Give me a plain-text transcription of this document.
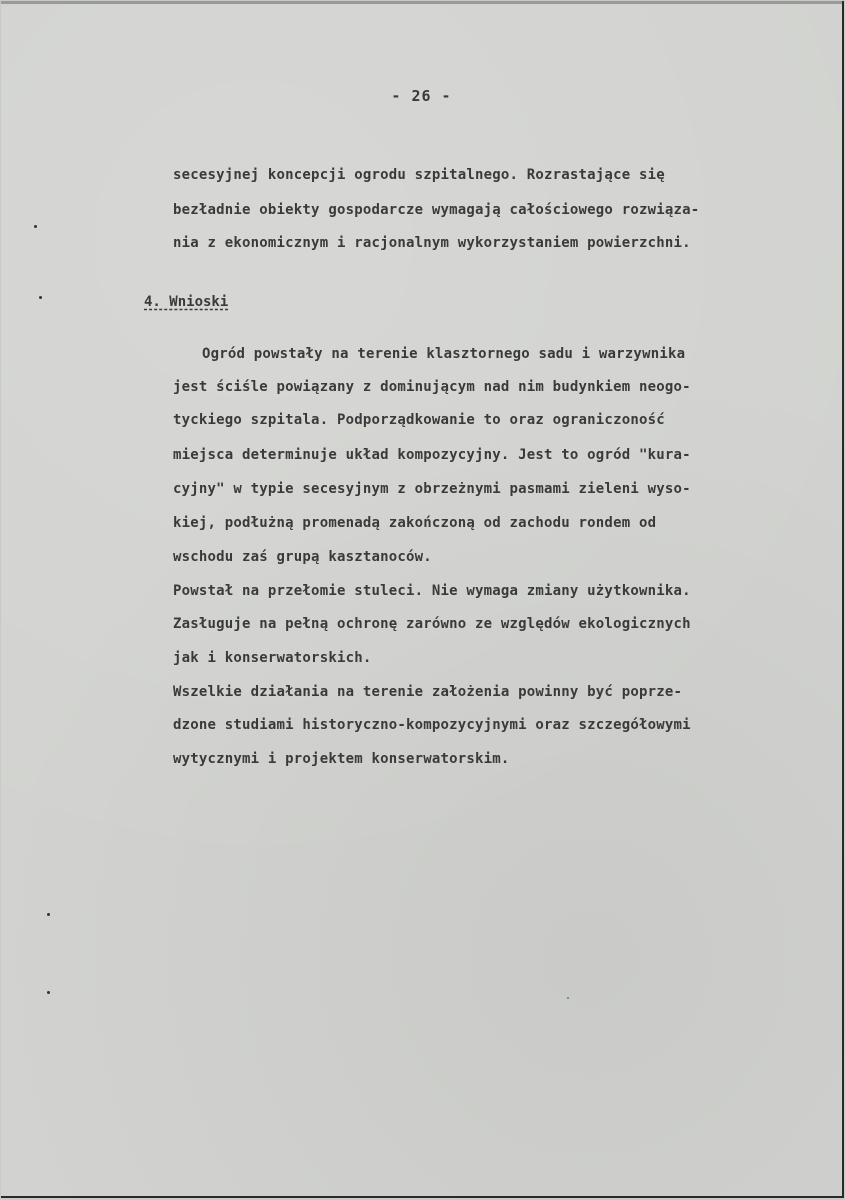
- 26 -
secesyjnej koncepcji ogrodu szpitalnego. Rozrastające się
bezładnie obiekty gospodarcze wymagają całościowego rozwiąza-
nia z ekonomicznym i racjonalnym wykorzystaniem powierzchni.
4. Wnioski
Ogród powstały na terenie klasztornego sadu i warzywnika
jest ściśle powiązany z dominującym nad nim budynkiem neogo-
tyckiego szpitala. Podporządkowanie to oraz ograniczoność
miejsca determinuje układ kompozycyjny. Jest to ogród "kura-
cyjny" w typie secesyjnym z obrzeżnymi pasmami zieleni wyso-
kiej, podłużną promenadą zakończoną od zachodu rondem od
wschodu zaś grupą kasztanoców.
Powstał na przełomie stuleci. Nie wymaga zmiany użytkownika.
Zasługuje na pełną ochronę zarówno ze względów ekologicznych
jak i konserwatorskich.
Wszelkie działania na terenie założenia powinny być poprze-
dzone studiami historyczno-kompozycyjnymi oraz szczegółowymi
wytycznymi i projektem konserwatorskim.
